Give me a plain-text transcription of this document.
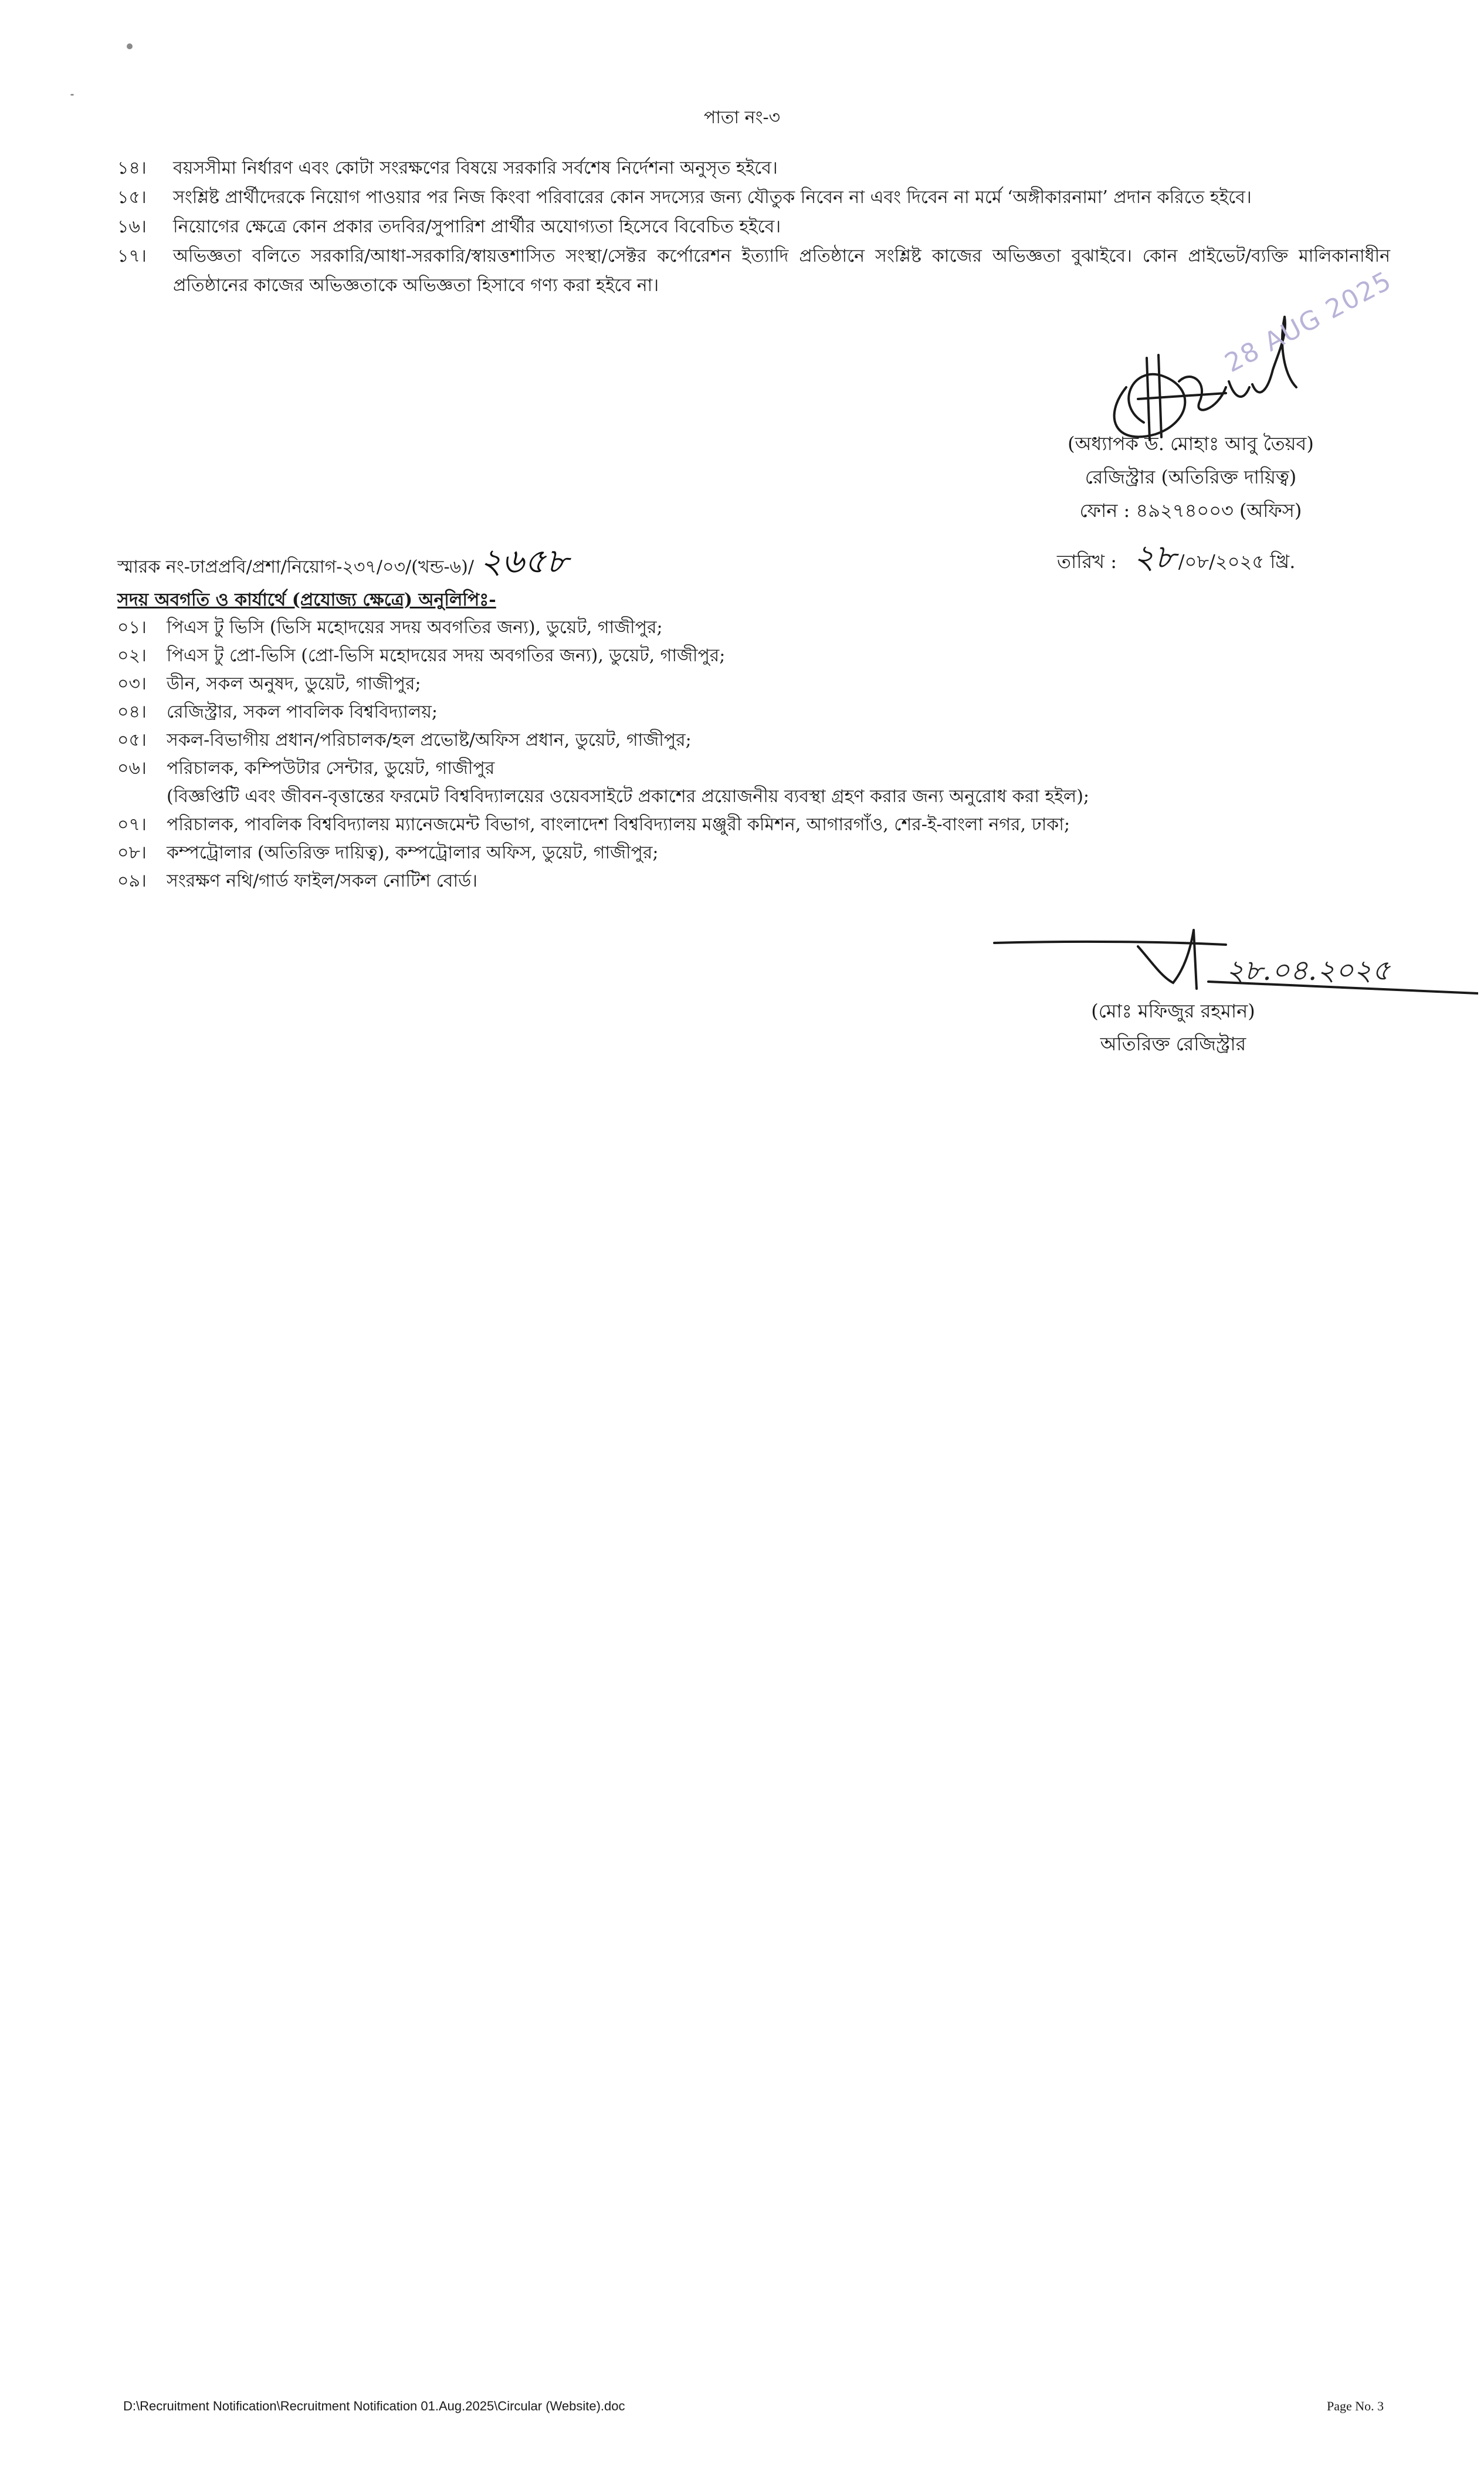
পাতা নং-৩
১৪।	বয়সসীমা নির্ধারণ এবং কোটা সংরক্ষণের বিষয়ে সরকারি সর্বশেষ নির্দেশনা অনুসৃত হইবে।
১৫।	সংশ্লিষ্ট প্রার্থীদেরকে নিয়োগ পাওয়ার পর নিজ কিংবা পরিবারের কোন সদস্যের জন্য যৌতুক নিবেন না এবং দিবেন না মর্মে ‘অঙ্গীকারনামা’ প্রদান করিতে হইবে।
১৬।	নিয়োগের ক্ষেত্রে কোন প্রকার তদবির/সুপারিশ প্রার্থীর অযোগ্যতা হিসেবে বিবেচিত হইবে।
১৭।	অভিজ্ঞতা বলিতে সরকারি/আধা-সরকারি/স্বায়ত্তশাসিত সংস্থা/সেক্টর কর্পোরেশন ইত্যাদি প্রতিষ্ঠানে সংশ্লিষ্ট কাজের অভিজ্ঞতা বুঝাইবে। কোন প্রাইভেট/ব্যক্তি মালিকানাধীন প্রতিষ্ঠানের কাজের অভিজ্ঞতাকে অভিজ্ঞতা হিসাবে গণ্য করা হইবে না।	28 AUG 2025
(অধ্যাপক ড. মোহাঃ আবু তৈয়ব)
রেজিস্ট্রার (অতিরিক্ত দায়িত্ব)
ফোন : ৪৯২৭৪০০৩ (অফিস)
স্মারক নং-ঢাপ্রপ্রবি/প্রশা/নিয়োগ-২৩৭/০৩/(খন্ড-৬)/ ২৬৫৮	তারিখ : ২৮ /০৮/২০২৫ খ্রি.
সদয় অবগতি ও কার্যার্থে (প্রযোজ্য ক্ষেত্রে) অনুলিপিঃ-
০১।	পিএস টু ভিসি (ভিসি মহোদয়ের সদয় অবগতির জন্য), ডুয়েট, গাজীপুর;
০২।	পিএস টু প্রো-ভিসি (প্রো-ভিসি মহোদয়ের সদয় অবগতির জন্য), ডুয়েট, গাজীপুর;
০৩।	ডীন, সকল অনুষদ, ডুয়েট, গাজীপুর;
০৪।	রেজিস্ট্রার, সকল পাবলিক বিশ্ববিদ্যালয়;
০৫।	সকল-বিভাগীয় প্রধান/পরিচালক/হল প্রভোষ্ট/অফিস প্রধান, ডুয়েট, গাজীপুর;
০৬।	পরিচালক, কম্পিউটার সেন্টার, ডুয়েট, গাজীপুর
(বিজ্ঞপ্তিটি এবং জীবন-বৃত্তান্তের ফরমেট বিশ্ববিদ্যালয়ের ওয়েবসাইটে প্রকাশের প্রয়োজনীয় ব্যবস্থা গ্রহণ করার জন্য অনুরোধ করা হইল);
০৭।	পরিচালক, পাবলিক বিশ্ববিদ্যালয় ম্যানেজমেন্ট বিভাগ, বাংলাদেশ বিশ্ববিদ্যালয় মঞ্জুরী কমিশন, আগারগাঁও, শের-ই-বাংলা নগর, ঢাকা;
০৮।	কম্পট্রোলার (অতিরিক্ত দায়িত্ব), কম্পট্রোলার অফিস, ডুয়েট, গাজীপুর;
০৯।	সংরক্ষণ নথি/গার্ড ফাইল/সকল নোটিশ বোর্ড।
২৮.০৪.২০২৫
(মোঃ মফিজুর রহমান)
অতিরিক্ত রেজিস্ট্রার
D:\Recruitment Notification\Recruitment Notification 01.Aug.2025\Circular (Website).doc	Page No. 3
